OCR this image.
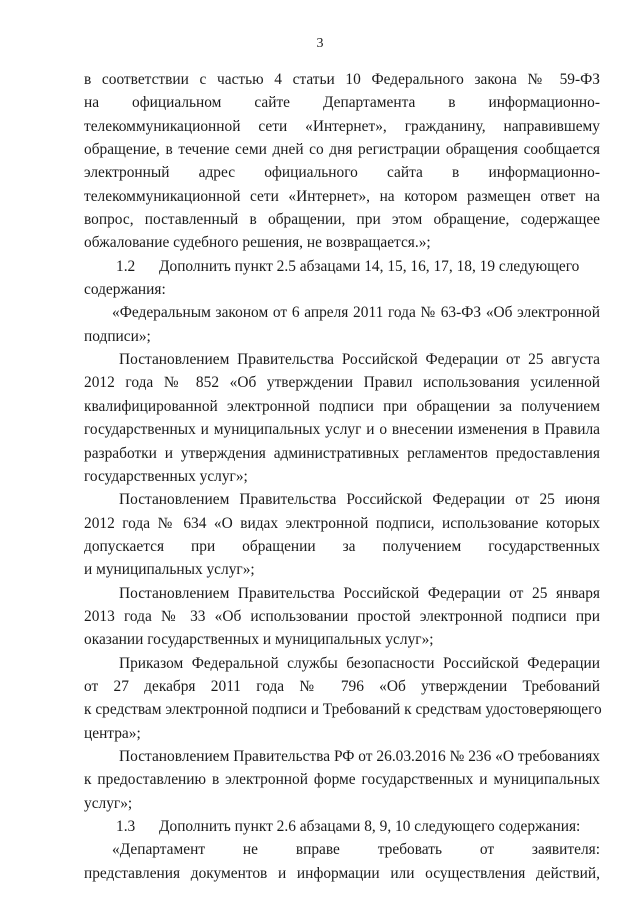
3
в соответствии с частью 4 статьи 10 Федерального закона № 59-ФЗ
на официальном сайте Департамента в информационно-
телекоммуникационной сети «Интернет», гражданину, направившему
обращение, в течение семи дней со дня регистрации обращения сообщается
электронный адрес официального сайта в информационно-
телекоммуникационной сети «Интернет», на котором размещен ответ на
вопрос, поставленный в обращении, при этом обращение, содержащее
обжалование судебного решения, не возвращается.»;
1.2 Дополнить пункт 2.5 абзацами 14, 15, 16, 17, 18, 19 следующего
содержания:
«Федеральным законом от 6 апреля 2011 года № 63-ФЗ «Об электронной
подписи»;
Постановлением Правительства Российской Федерации от 25 августа
2012 года № 852 «Об утверждении Правил использования усиленной
квалифицированной электронной подписи при обращении за получением
государственных и муниципальных услуг и о внесении изменения в Правила
разработки и утверждения административных регламентов предоставления
государственных услуг»;
Постановлением Правительства Российской Федерации от 25 июня
2012 года № 634 «О видах электронной подписи, использование которых
допускается при обращении за получением государственных
и муниципальных услуг»;
Постановлением Правительства Российской Федерации от 25 января
2013 года № 33 «Об использовании простой электронной подписи при
оказании государственных и муниципальных услуг»;
Приказом Федеральной службы безопасности Российской Федерации
от 27 декабря 2011 года № 796 «Об утверждении Требований
к средствам электронной подписи и Требований к средствам удостоверяющего
центра»;
Постановлением Правительства РФ от 26.03.2016 № 236 «О требованиях
к предоставлению в электронной форме государственных и муниципальных
услуг»;
1.3 Дополнить пункт 2.6 абзацами 8, 9, 10 следующего содержания:
«Департамент не вправе требовать от заявителя:
представления документов и информации или осуществления действий,
